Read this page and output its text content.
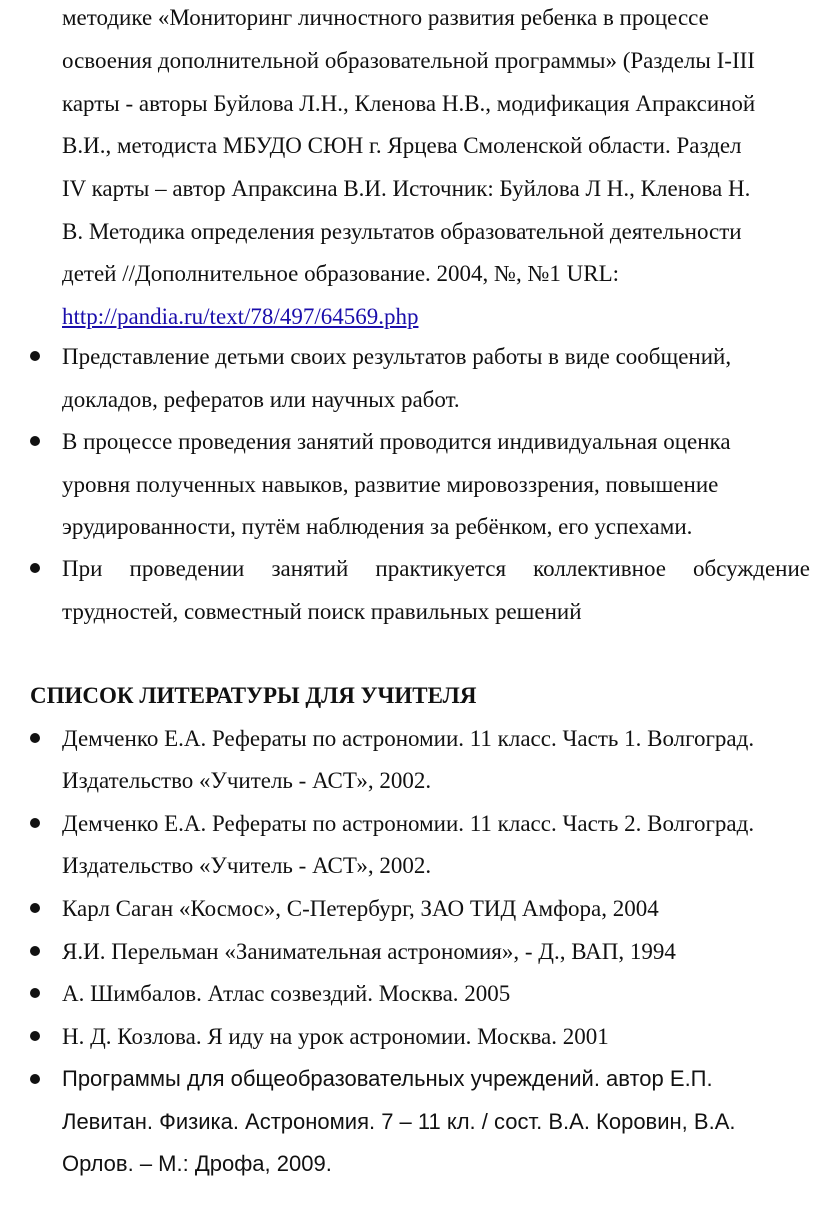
методике «Мониторинг личностного развития ребенка в процессе
освоения дополнительной образовательной программы» (Разделы I-III
карты - авторы Буйлова Л.Н., Кленова Н.В., модификация Апраксиной
В.И., методиста МБУДО СЮН г. Ярцева Смоленской области. Раздел
IV карты – автор Апраксина В.И. Источник: Буйлова Л Н., Кленова Н.
В. Методика определения результатов образовательной деятельности
детей //Дополнительное образование. 2004, №, №1 URL:
http://pandia.ru/text/78/497/64569.php
Представление детьми своих результатов работы в виде сообщений,
докладов, рефератов или научных работ.
В процессе проведения занятий проводится индивидуальная оценка
уровня полученных навыков, развитие мировоззрения, повышение
эрудированности, путём наблюдения за ребёнком, его успехами.
При проведении занятий практикуется коллективное обсуждение
трудностей, совместный поиск правильных решений
СПИСОК ЛИТЕРАТУРЫ ДЛЯ УЧИТЕЛЯ
Демченко Е.А. Рефераты по астрономии. 11 класс. Часть 1. Волгоград.
Издательство «Учитель - АСТ», 2002.
Демченко Е.А. Рефераты по астрономии. 11 класс. Часть 2. Волгоград.
Издательство «Учитель - АСТ», 2002.
Карл Саган «Космос», С-Петербург, ЗАО ТИД Амфора, 2004
Я.И. Перельман «Занимательная астрономия», - Д., ВАП, 1994
А. Шимбалов. Атлас созвездий. Москва. 2005
Н. Д. Козлова. Я иду на урок астрономии. Москва. 2001
Программы для общеобразовательных учреждений. автор Е.П.
Левитан. Физика. Астрономия. 7 – 11 кл. / сост. В.А. Коровин, В.А.
Орлов. – М.: Дрофа, 2009.
